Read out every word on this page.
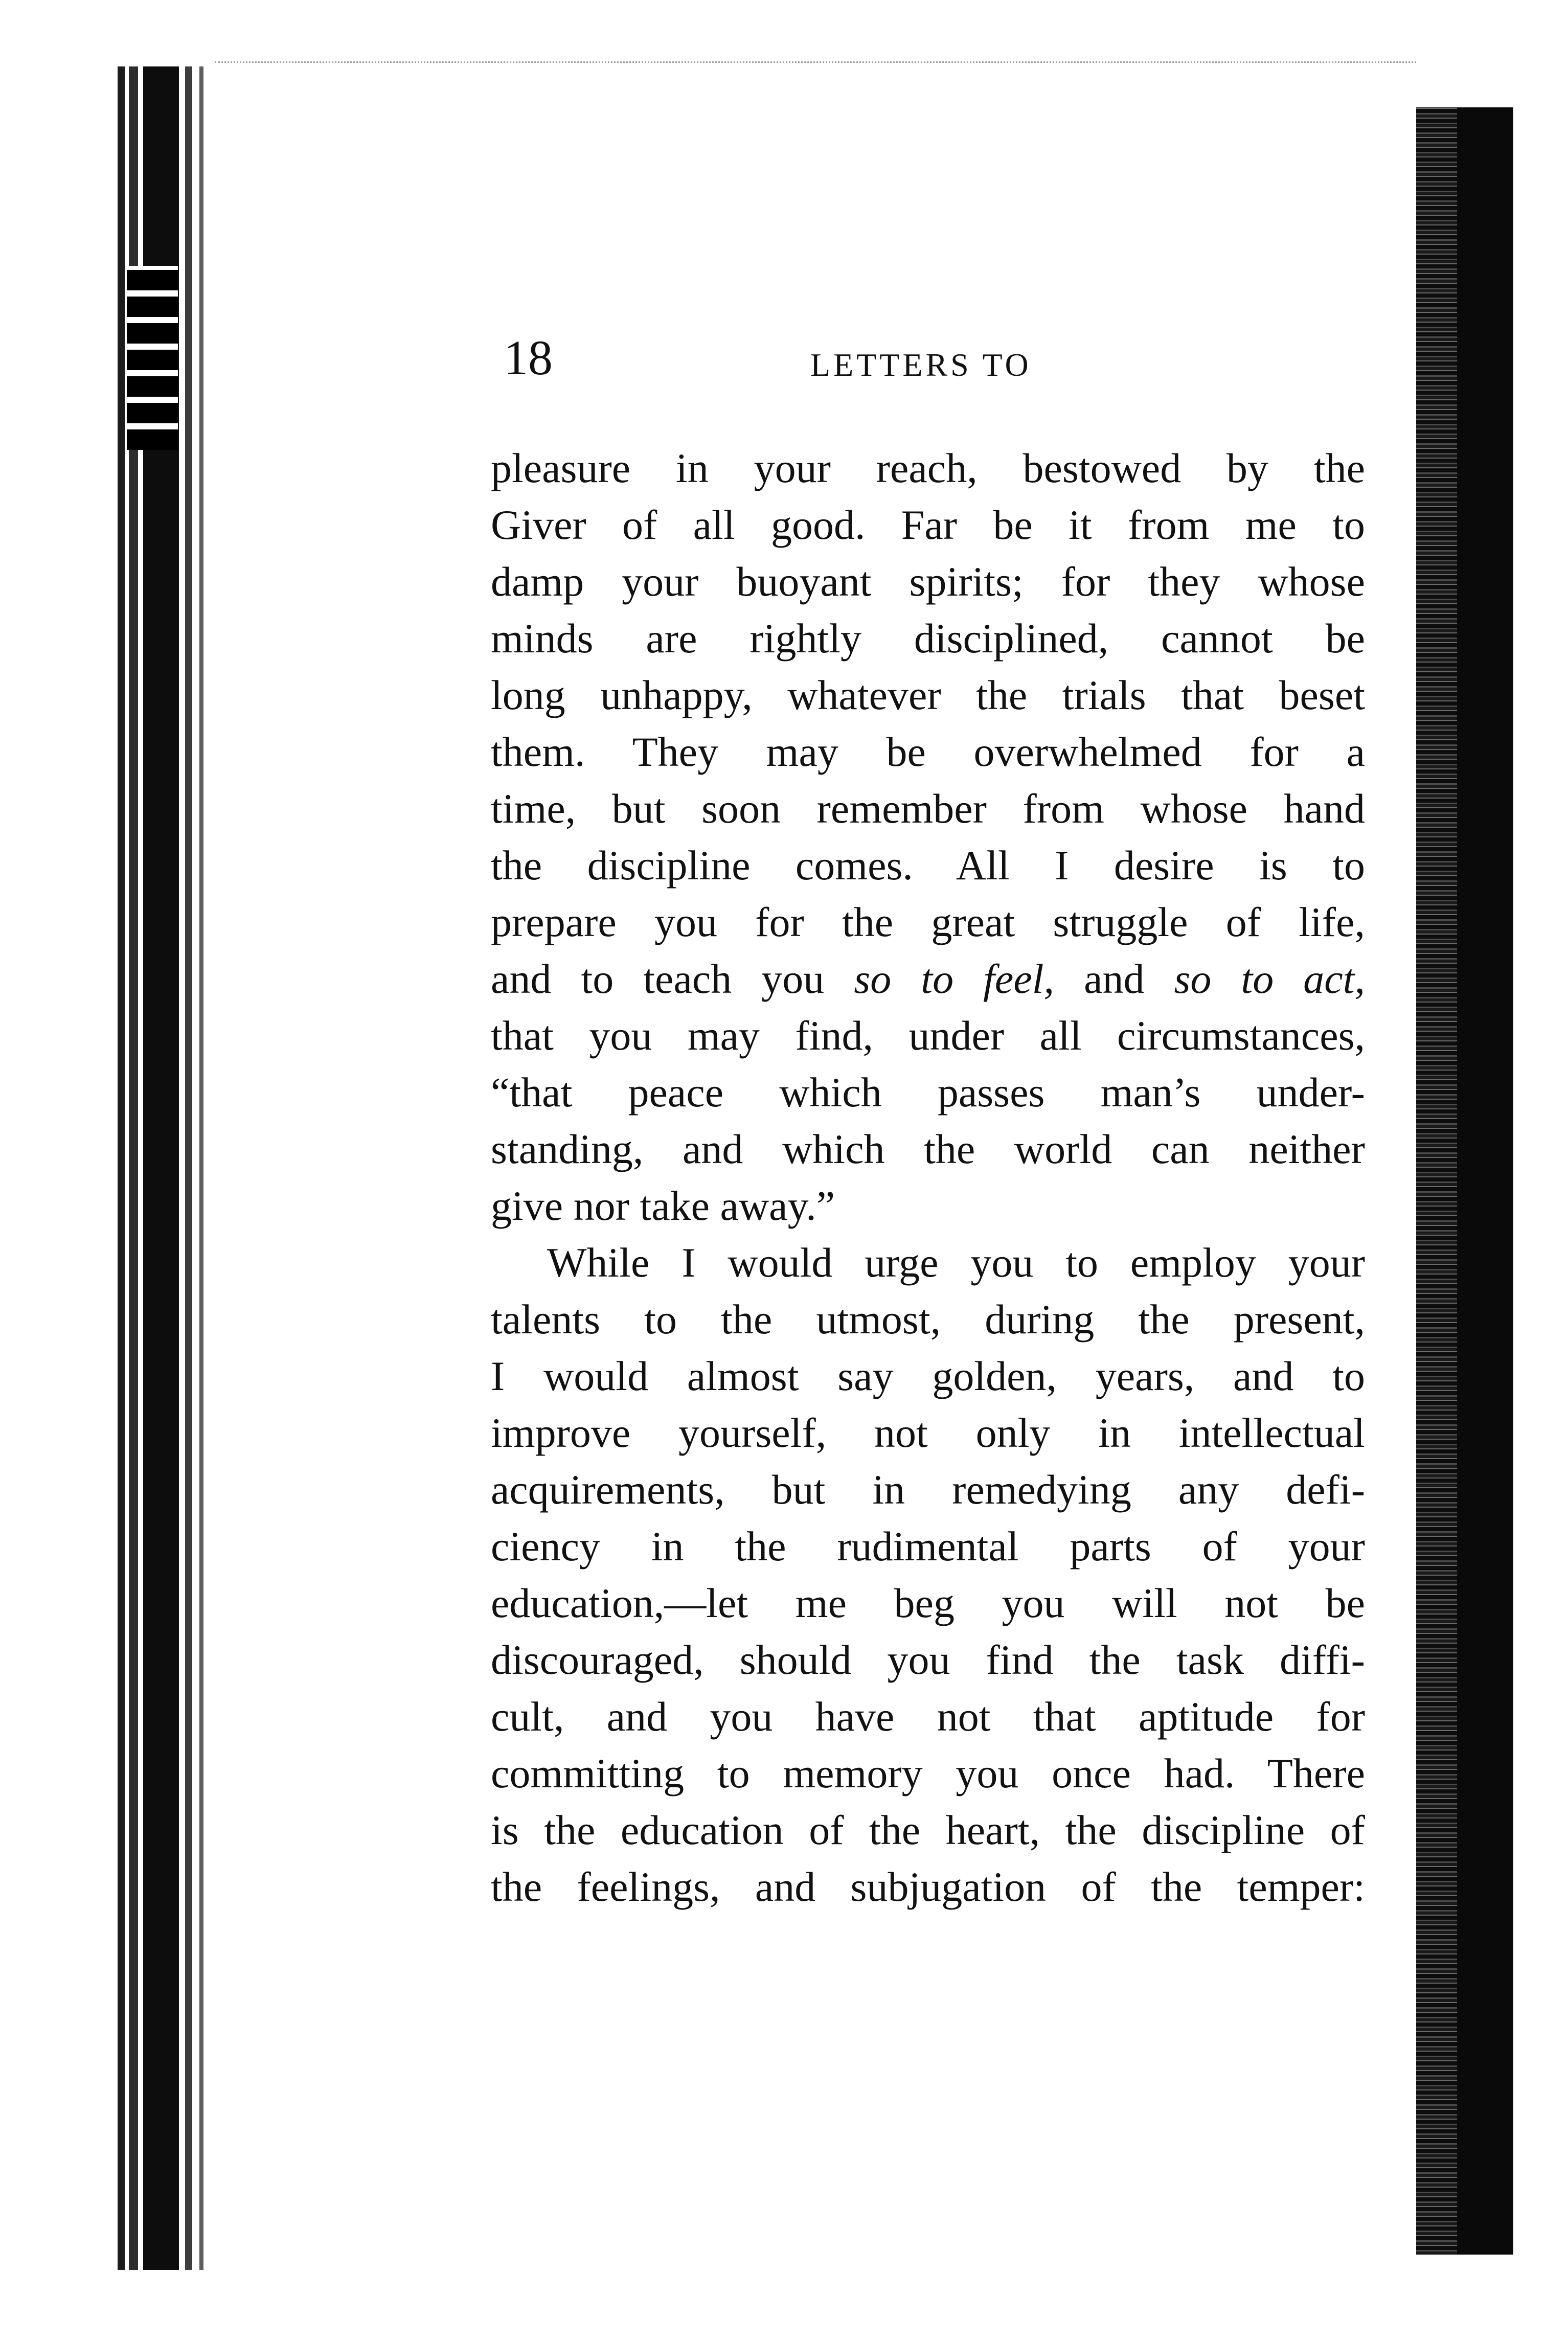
18	LETTERS TO
pleasure in your reach, bestowed by the
Giver of all good. Far be it from me to
damp your buoyant spirits; for they whose
minds are rightly disciplined, cannot be
long unhappy, whatever the trials that beset
them. They may be overwhelmed for a
time, but soon remember from whose hand
the discipline comes. All I desire is to
prepare you for the great struggle of life,
and to teach you so to feel, and so to act,
that you may find, under all circumstances,
“that peace which passes man’s under-
standing, and which the world can neither
give nor take away.”
While I would urge you to employ your
talents to the utmost, during the present,
I would almost say golden, years, and to
improve yourself, not only in intellectual
acquirements, but in remedying any defi-
ciency in the rudimental parts of your
education,—let me beg you will not be
discouraged, should you find the task diffi-
cult, and you have not that aptitude for
committing to memory you once had. There
is the education of the heart, the discipline of
the feelings, and subjugation of the temper:
